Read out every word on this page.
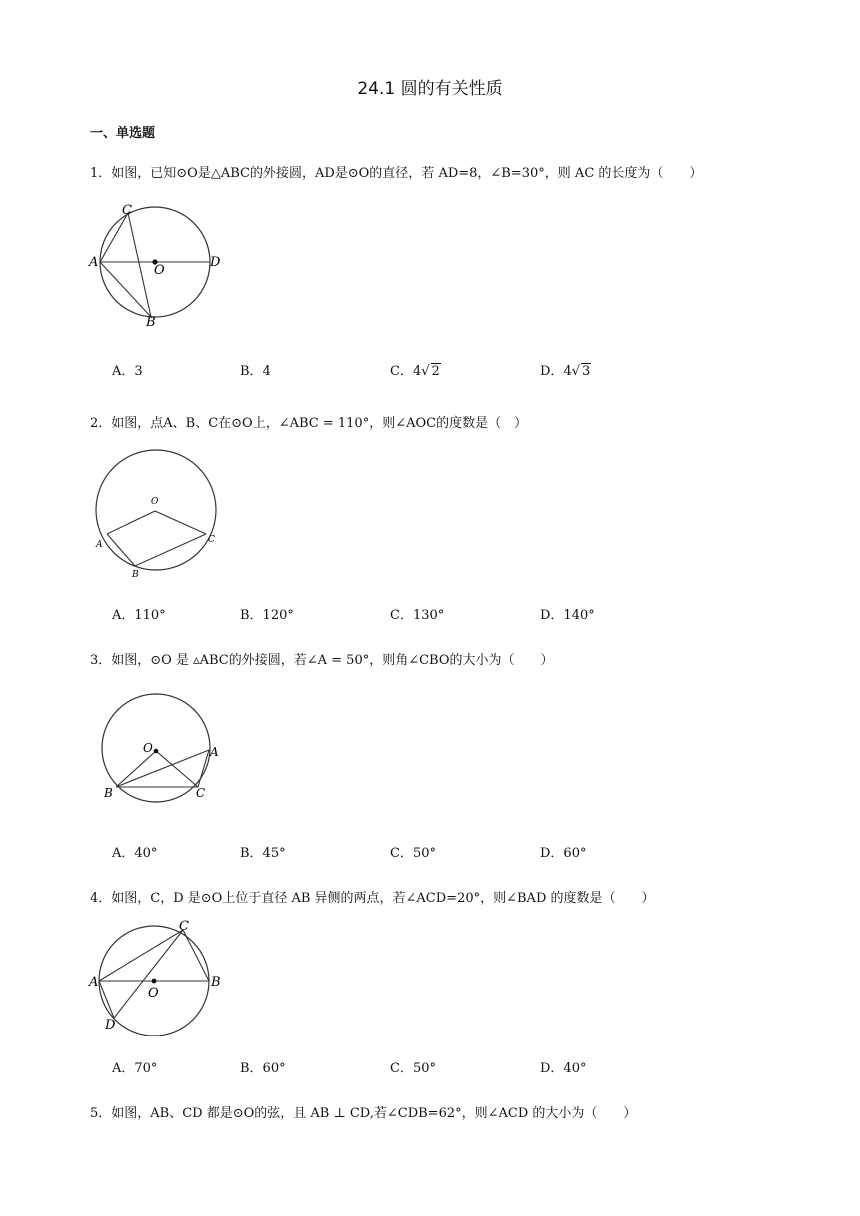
24.1 圆的有关性质
一、单选题
1．如图，已知⊙O是△ABC的外接圆，AD是⊙O的直径，若 AD=8，∠B=30°，则 AC 的长度为（　　）
A
C
D
O
B
A．3	B．4	C．4√ 2	D．4√ 3
2．如图，点A、B、C在⊙O上，∠ABC = 110°，则∠AOC的度数是（　）
O
A
B
C
A．110°	B．120°	C．130°	D．140°
3．如图，⊙O 是 ▵ABC的外接圆，若∠A = 50°，则角∠CBO的大小为（　　）
O	A
B	C
A．40°	B．45°	C．50°	D．60°
4．如图，C，D 是⊙O上位于直径 AB 异侧的两点，若∠ACD=20°，则∠BAD 的度数是（　　）
A
C
B
O
D
A．70°	B．60°	C．50°	D．40°
5．如图，AB、CD 都是⊙O的弦，且 AB ⊥ CD,若∠CDB=62°，则∠ACD 的大小为（　　）
